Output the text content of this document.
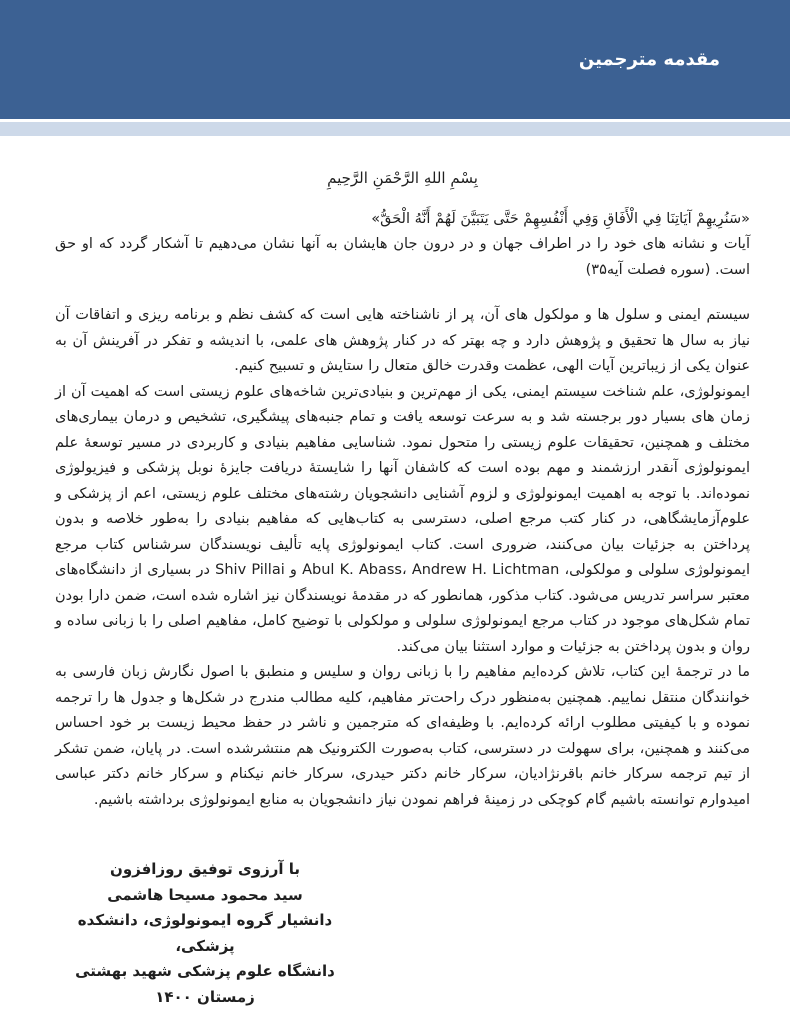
مقدمه مترجمین
بِسْمِ اللهِ الرَّحْمَنِ الرَّحِيمِ
«سَنُرِيهِمْ آيَاتِنَا فِي الْأَفَاقِ وَفِي أَنْفُسِهِمْ حَتَّى يَتَبَيَّنَ لَهُمْ أَنَّهُ الْحَقُّ»
آیات و نشانه های خود را در اطراف جهان و در درون جان هایشان به آنها نشان می‌دهیم تا آشکار گردد که او حق است. (سوره فصلت آیه۳۵)

سیستم ایمنی و سلول ها و مولکول های آن، پر از ناشناخته هایی است که کشف نظم و برنامه ریزی و اتفاقات آن نیاز به سال ها تحقیق و پژوهش دارد و چه بهتر که در کنار پژوهش های علمی، با اندیشه و تفکر در آفرینش آن به عنوان یکی از زیباترین آیات الهی، عظمت وقدرت خالق متعال را ستایش و تسبیح کنیم.

ایمونولوژی، علم شناخت سیستم ایمنی، یکی از مهم‌ترین و بنیادی‌ترین شاخه‌های علوم زیستی است که اهمیت آن از زمان های بسیار دور برجسته شد و به سرعت توسعه یافت و تمام جنبه‌های پیشگیری، تشخیص و درمان بیماری‌های مختلف و همچنین، تحقیقات علوم زیستی را متحول نمود. شناسایی مفاهیم بنیادی و کاربردی در مسیر توسعهٔ علم ایمونولوژی آنقدر ارزشمند و مهم بوده است که کاشفان آنها را شایستهٔ دریافت جایزهٔ نوبل پزشکی و فیزیولوژی نموده‌اند. با توجه به اهمیت ایمونولوژی و لزوم آشنایی دانشجویان رشته‌های مختلف علوم زیستی، اعم از پزشکی و علوم‌آزمایشگاهی، در کنار کتب مرجع اصلی، دسترسی به کتاب‌هایی که مفاهیم بنیادی را به‌طور خلاصه و بدون پرداختن به جزئیات بیان می‌کنند، ضروری است. کتاب ایمونولوژی پایه تألیف نویسندگان سرشناس کتاب مرجع ایمونولوژی سلولی و مولکولی، Abul K. Abass، Andrew H. Lichtman و Shiv Pillai در بسیاری از دانشگاه‌های معتبر سراسر تدریس می‌شود. کتاب مذکور، همانطور که در مقدمهٔ نویسندگان نیز اشاره شده است، ضمن دارا بودن تمام شکل‌های موجود در کتاب مرجع ایمونولوژی سلولی و مولکولی با توضیح کامل، مفاهیم اصلی را با زبانی ساده و روان و بدون پرداختن به جزئیات و موارد استثنا بیان می‌کند.

ما در ترجمهٔ این کتاب، تلاش کرده‌ایم مفاهیم را با زبانی روان و سلیس و منطبق با اصول نگارش زبان فارسی به خوانندگان منتقل نماییم. همچنین به‌منظور درک راحت‌تر مفاهیم، کلیه مطالب مندرج در شکل‌ها و جدول ها را ترجمه نموده و با کیفیتی مطلوب ارائه کرده‌ایم. با وظیفه‌ای که مترجمین و ناشر در حفظ محیط زیست بر خود احساس می‌کنند و همچنین، برای سهولت در دسترسی، کتاب به‌صورت الکترونیک هم منتشرشده است. در پایان، ضمن تشکر از تیم ترجمه سرکار خانم باقرنژادیان، سرکار خانم دکتر حیدری، سرکار خانم نیکنام و سرکار خانم دکتر عباسی امیدوارم توانسته باشیم گام کوچکی در زمینهٔ فراهم نمودن نیاز دانشجویان به منابع ایمونولوژی برداشته باشیم.

با آرزوی توفیق روزافزون
سید محمود مسیحا هاشمی
دانشیار گروه ایمونولوژی، دانشکده پزشکی،
دانشگاه علوم پزشکی شهید بهشتی
زمستان ۱۴۰۰
